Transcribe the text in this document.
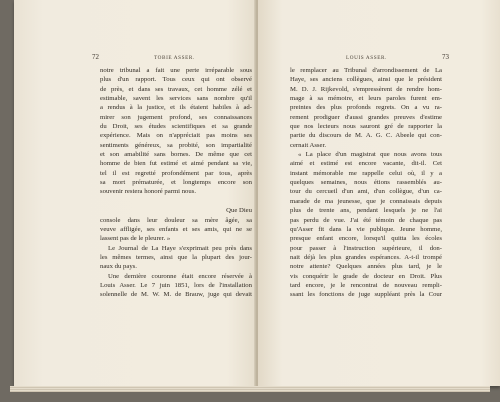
72	TOBIE ASSER.
notre tribunal a fait une perte irréparable sous
plus d'un rapport. Tous ceux qui ont observé
de près, et dans ses travaux, cet homme zélé et
estimable, savent les services sans nombre qu'il
a rendus à la justice, et ils étaient habiles à ad-
mirer son jugement profond, ses connaissances
du Droit, ses études scientifiques et sa grande
expérience. Mais on n'appréciait pas moins ses
sentiments généreux, sa probité, son impartialité
et son amabilité sans bornes. De même que cet
homme de bien fut estimé et aimé pendant sa vie,
tel il est regretté profondément par tous, après
sa mort prématurée, et longtemps encore son
souvenir restera honoré parmi nous.
Que Dieu
console dans leur douleur sa mère âgée, sa
veuve affligée, ses enfants et ses amis, qui ne se
lassent pas de le pleurer. »
Le Journal de La Haye s'exprimait peu près dans
les mêmes termes, ainsi que la plupart des jour-
naux du pays.
Une dernière couronne était encore réservée à
Louis Asser. Le 7 juin 1851, lors de l'installation
solennelle de M. W. M. de Brauw, juge qui devait
LOUIS ASSER.	73
le remplacer au Tribunal d'arrondissement de La
Haye, ses anciens collègues, ainsi que le président
M. D. J. Rijkevold, s'empressèrent de rendre hom-
mage à sa mémoire, et leurs paroles furent em-
preintes des plus profonds regrets. On a vu ra-
rement prodiguer d'aussi grandes preuves d'estime
que nos lecteurs nous sauront gré de rapporter la
partie du discours de M. A. G. C. Abeele qui con-
cernait Asser.
« La place d'un magistrat que nous avons tous
aimé et estimé est encore vacante, dit-il. Cet
instant mémorable me rappelle celui où, il y a
quelques semaines, nous étions rassemblés au-
tour du cercueil d'un ami, d'un collègue, d'un ca-
marade de ma jeunesse, que je connaissais depuis
plus de trente ans, pendant lesquels je ne l'ai
pas perdu de vue. J'ai été témoin de chaque pas
qu'Asser fit dans la vie publique. Jeune homme,
presque enfant encore, lorsqu'il quitta les écoles
pour passer à l'instruction supérieure, il don-
nait déjà les plus grandes espérances. A-t-il trompé
notre attente? Quelques années plus tard, je le
vis conquérir le grade de docteur en Droit. Plus
tard encore, je le rencontrai de nouveau rempli-
ssant les fonctions de juge suppléant près la Cour
